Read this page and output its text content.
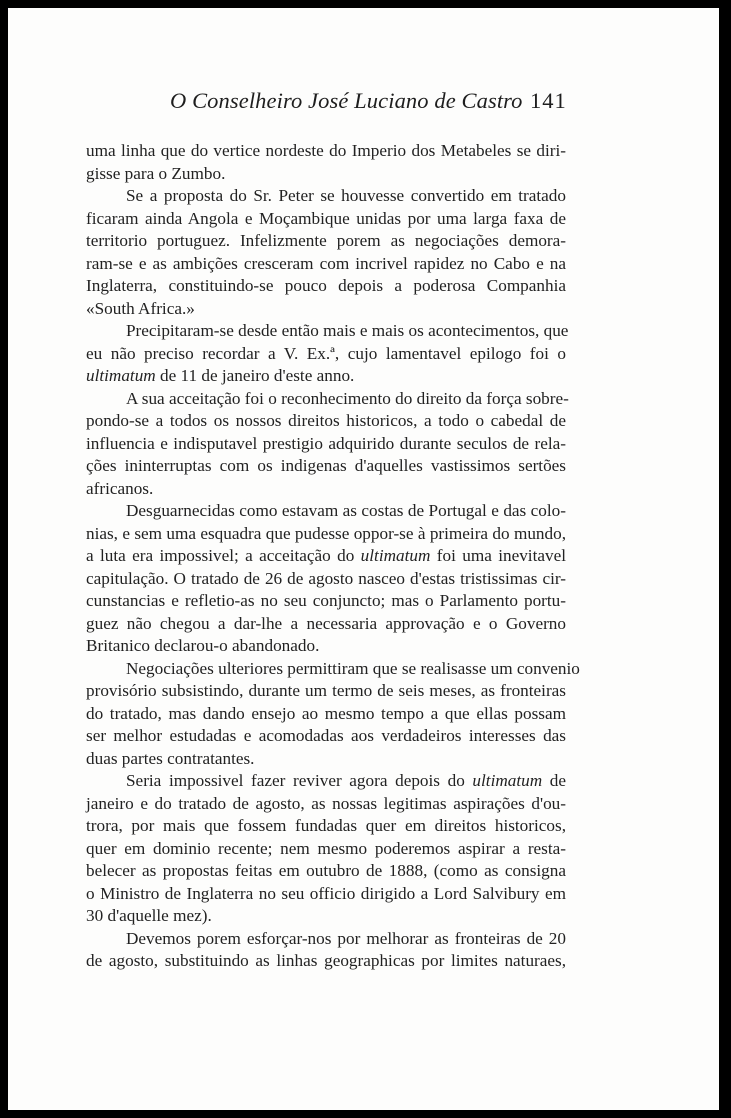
O Conselheiro José Luciano de Castro 141
uma linha que do vertice nordeste do Imperio dos Metabeles se diri-
gisse para o Zumbo.
Se a proposta do Sr. Peter se houvesse convertido em tratado
ficaram ainda Angola e Moçambique unidas por uma larga faxa de
territorio portuguez. Infelizmente porem as negociações demora-
ram-se e as ambições cresceram com incrivel rapidez no Cabo e na
Inglaterra, constituindo-se pouco depois a poderosa Companhia
«South Africa.»
Precipitaram-se desde então mais e mais os acontecimentos, que
eu não preciso recordar a V. Ex.ª, cujo lamentavel epilogo foi o
ultimatum de 11 de janeiro d'este anno.
A sua acceitação foi o reconhecimento do direito da força sobre-
pondo-se a todos os nossos direitos historicos, a todo o cabedal de
influencia e indisputavel prestigio adquirido durante seculos de rela-
ções ininterruptas com os indigenas d'aquelles vastissimos sertões
africanos.
Desguarnecidas como estavam as costas de Portugal e das colo-
nias, e sem uma esquadra que pudesse oppor-se à primeira do mundo,
a luta era impossivel; a acceitação do ultimatum foi uma inevitavel
capitulação. O tratado de 26 de agosto nasceo d'estas tristissimas cir-
cunstancias e refletio-as no seu conjuncto; mas o Parlamento portu-
guez não chegou a dar-lhe a necessaria approvação e o Governo
Britanico declarou-o abandonado.
Negociações ulteriores permittiram que se realisasse um convenio
provisório subsistindo, durante um termo de seis meses, as fronteiras
do tratado, mas dando ensejo ao mesmo tempo a que ellas possam
ser melhor estudadas e acomodadas aos verdadeiros interesses das
duas partes contratantes.
Seria impossivel fazer reviver agora depois do ultimatum de
janeiro e do tratado de agosto, as nossas legitimas aspirações d'ou-
trora, por mais que fossem fundadas quer em direitos historicos,
quer em dominio recente; nem mesmo poderemos aspirar a resta-
belecer as propostas feitas em outubro de 1888, (como as consigna
o Ministro de Inglaterra no seu officio dirigido a Lord Salvibury em
30 d'aquelle mez).
Devemos porem esforçar-nos por melhorar as fronteiras de 20
de agosto, substituindo as linhas geographicas por limites naturaes,
